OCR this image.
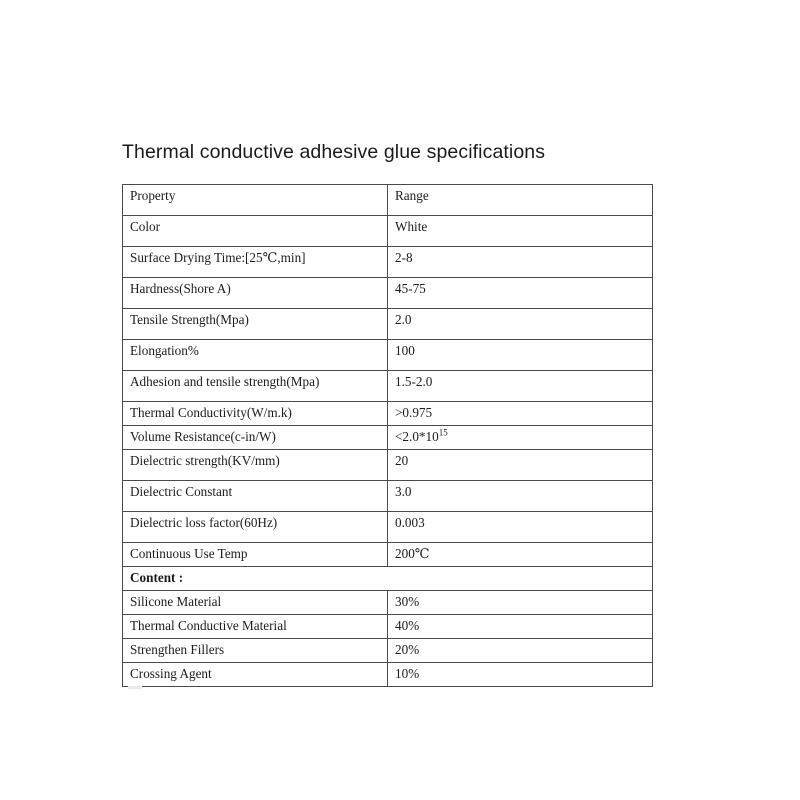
Thermal conductive adhesive glue specifications
Property	Range
Color	White
Surface Drying Time:[25℃,min]	2-8
Hardness(Shore A)	45-75
Tensile Strength(Mpa)	2.0
Elongation%	100
Adhesion and tensile strength(Mpa)	1.5-2.0
Thermal Conductivity(W/m.k)	>0.975
Volume Resistance(c-in/W)	$<2.0*10^{15}$
Dielectric strength(KV/mm)	20
Dielectric Constant	3.0
Dielectric loss factor(60Hz)	0.003
Continuous Use Temp	200℃
Content :	
Silicone Material	30%
Thermal Conductive Material	40%
Strengthen Fillers	20%
Crossing Agent	10%
